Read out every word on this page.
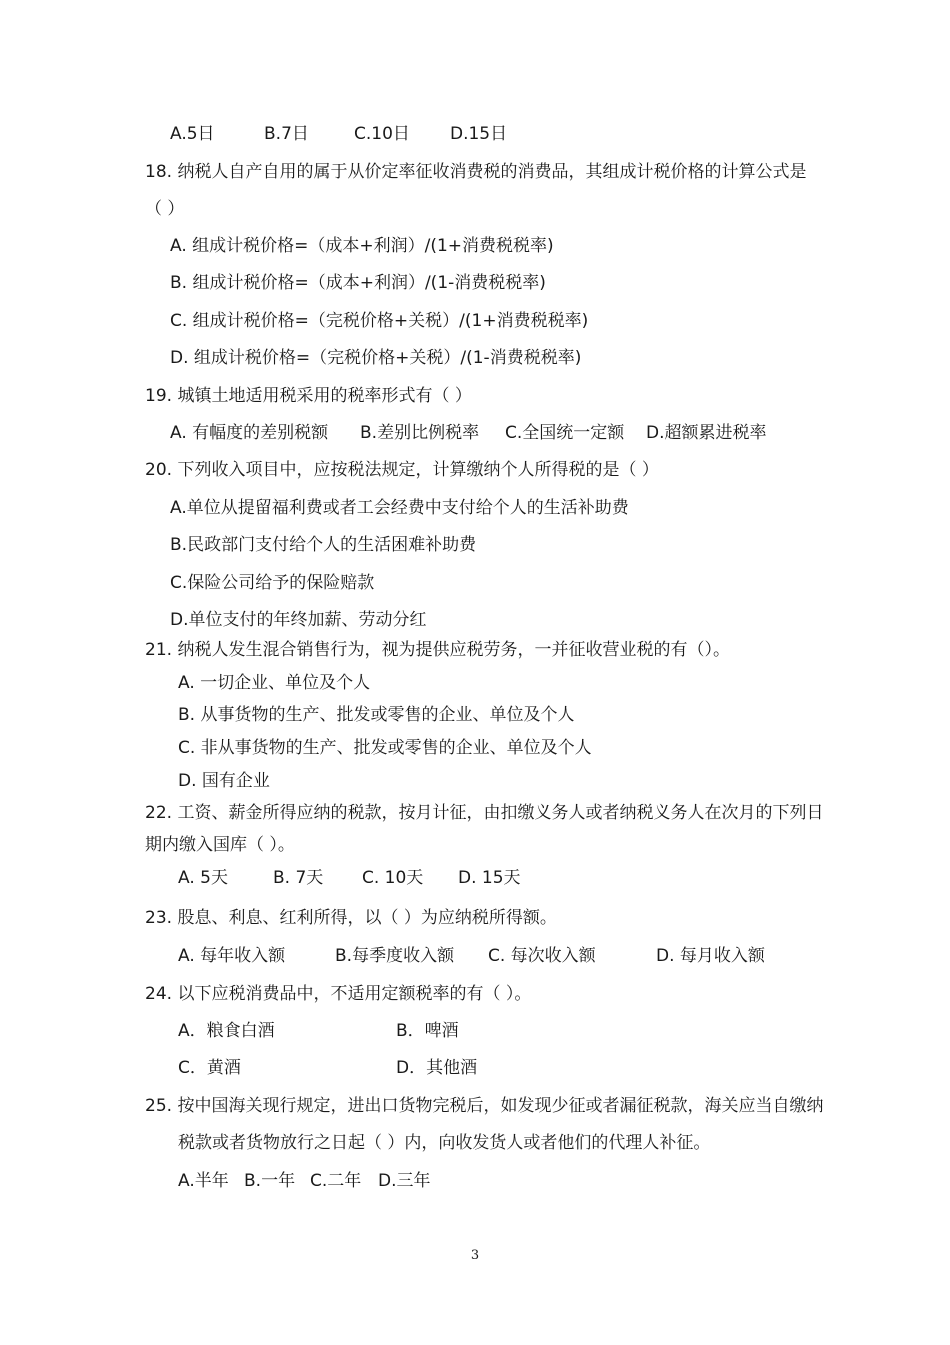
A.5日	B.7日	C.10日 D.15日
18. 纳税人自产自用的属于从价定率征收消费税的消费品，其组成计税价格的计算公式是
（ ）
A. 组成计税价格=（成本+利润）/(1+消费税税率)
B. 组成计税价格=（成本+利润）/(1-消费税税率)
C. 组成计税价格=（完税价格+关税）/(1+消费税税率)
D. 组成计税价格=（完税价格+关税）/(1-消费税税率)
19. 城镇土地适用税采用的税率形式有（ ）
A. 有幅度的差别税额 B.差别比例税率 C.全国统一定额 D.超额累进税率
20. 下列收入项目中，应按税法规定，计算缴纳个人所得税的是（ ）
A.单位从提留福利费或者工会经费中支付给个人的生活补助费
B.民政部门支付给个人的生活困难补助费
C.保险公司给予的保险赔款
D.单位支付的年终加薪、劳动分红
21. 纳税人发生混合销售行为，视为提供应税劳务，一并征收营业税的有（）。
A. 一切企业、单位及个人
B. 从事货物的生产、批发或零售的企业、单位及个人
C. 非从事货物的生产、批发或零售的企业、单位及个人
D. 国有企业
22. 工资、薪金所得应纳的税款，按月计征，由扣缴义务人或者纳税义务人在次月的下列日
期内缴入国库（ ）。
A. 5天	B. 7天 C. 10天 D. 15天
23. 股息、利息、红利所得，以（ ）为应纳税所得额。
A. 每年收入额	B.每季度收入额 C. 每次收入额	D. 每月收入额
24. 以下应税消费品中，不适用定额税率的有（ ）。
A．粮食白酒	B．啤酒
C．黄酒	D．其他酒
25. 按中国海关现行规定，进出口货物完税后，如发现少征或者漏征税款，海关应当自缴纳
税款或者货物放行之日起（ ）内，向收发货人或者他们的代理人补征。
A.半年 B.一年 C.二年 D.三年
3
